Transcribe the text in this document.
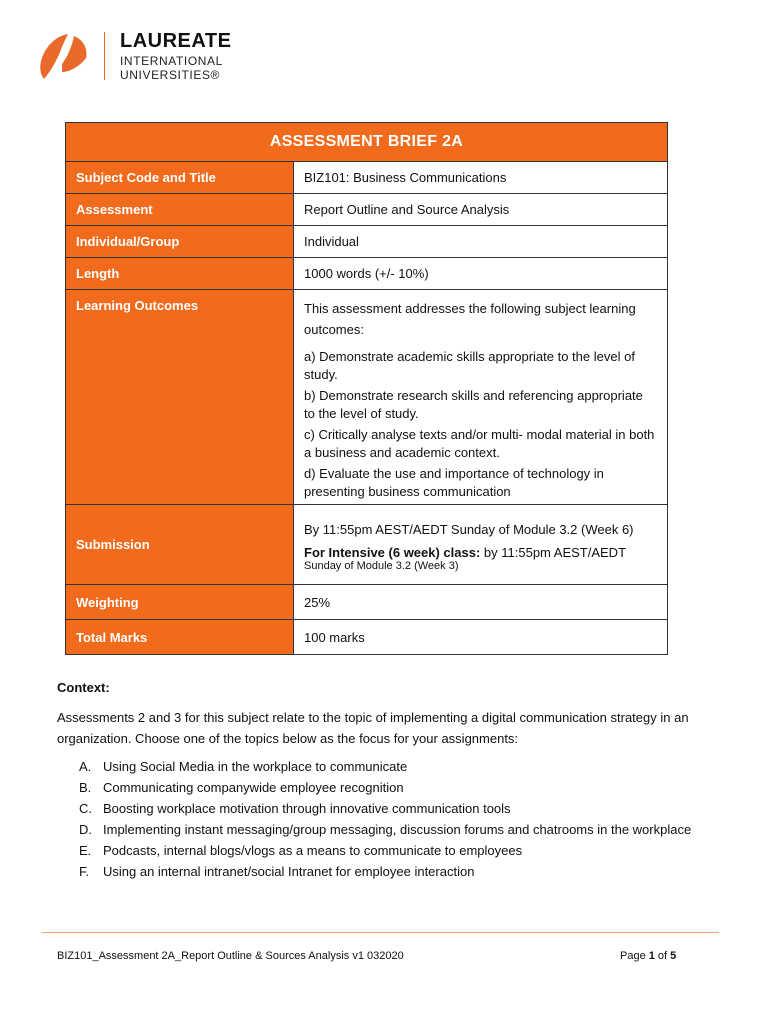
LAUREATE
INTERNATIONAL
UNIVERSITIES®
ASSESSMENT BRIEF 2A	
Subject Code and Title	BIZ101: Business Communications
Assessment	Report Outline and Source Analysis
Individual/Group	Individual
Length	1000 words (+/- 10%)
Learning Outcomes	This assessment addresses the following subject learning outcomes:
a) Demonstrate academic skills appropriate to the level of study.
b) Demonstrate research skills and referencing appropriate to the level of study.
c) Critically analyse texts and/or multi- modal material in both a business and academic context.
d) Evaluate the use and importance of technology in presenting business communication

Submission	By 11:55pm AEST/AEDT Sunday of Module 3.2 (Week 6)
For Intensive (6 week) class: by 11:55pm AEST/AEDT
Sunday of Module 3.2 (Week 3)

Weighting	25%
Total Marks	100 marks
Context:
Assessments 2 and 3 for this subject relate to the topic of implementing a digital communication strategy in an organization. Choose one of the topics below as the focus for your assignments:
A. Using Social Media in the workplace to communicate
B. Communicating companywide employee recognition
C. Boosting workplace motivation through innovative communication tools
D. Implementing instant messaging/group messaging, discussion forums and chatrooms in the workplace
E. Podcasts, internal blogs/vlogs as a means to communicate to employees
F. Using an internal intranet/social Intranet for employee interaction
BIZ101_Assessment 2A_Report Outline & Sources Analysis v1 032020	Page 1 of 5
